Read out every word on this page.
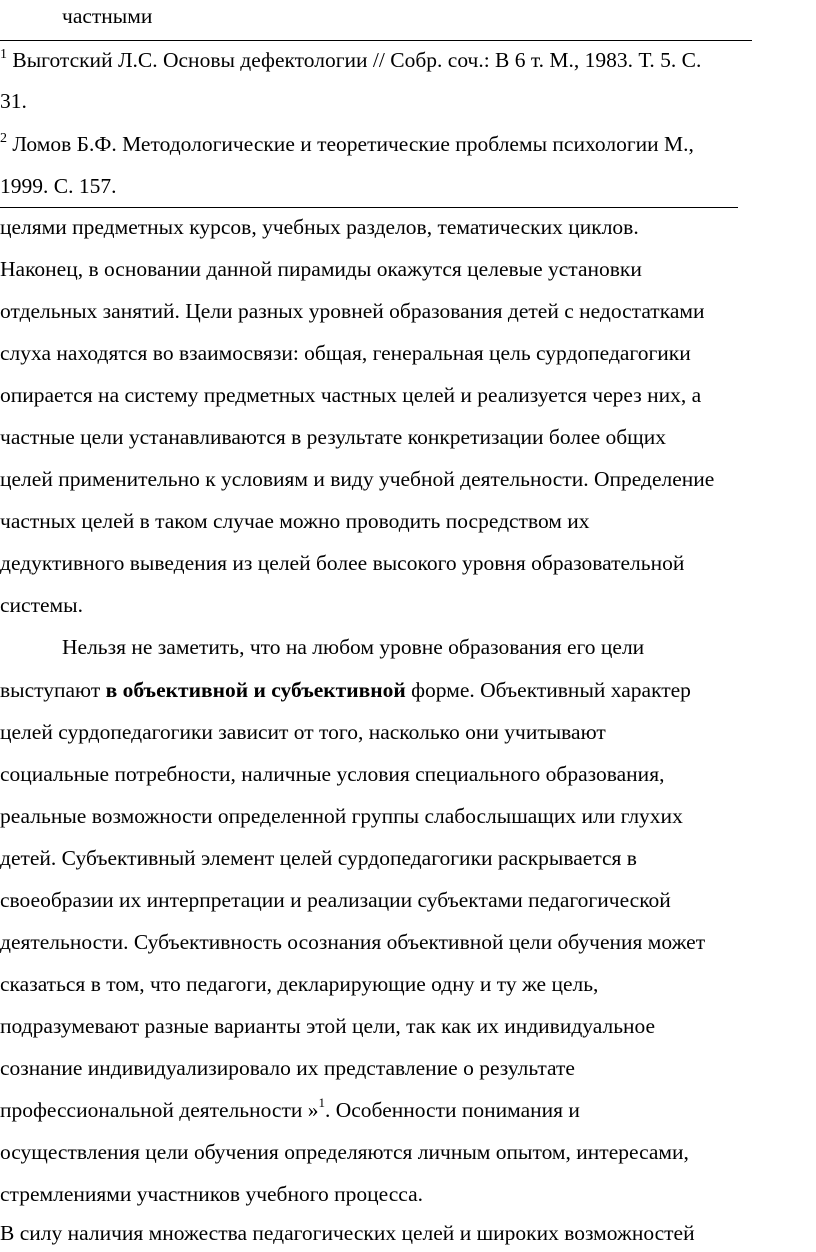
частными
$^1$ Выготский Л.С. Основы дефектологии // Собр. соч.: В 6 т. М., 1983. Т. 5. С.
31.
$^2$ Ломов Б.Ф. Методологические и теоретические проблемы психологии М.,
1999. С. 157.
целями предметных курсов, учебных разделов, тематических циклов.
Наконец, в основании данной пирамиды окажутся целевые установки
отдельных занятий. Цели разных уровней образования детей с недостатками
слуха находятся во взаимосвязи: общая, генеральная цель сурдопедагогики
опирается на систему предметных частных целей и реализуется через них, а
частные цели устанавливаются в результате конкретизации более общих
целей применительно к условиям и виду учебной деятельности. Определение
частных целей в таком случае можно проводить посредством их
дедуктивного выведения из целей более высокого уровня образовательной
системы.
Нельзя не заметить, что на любом уровне образования его цели
выступают в объективной и субъективной форме. Объективный характер
целей сурдопедагогики зависит от того, насколько они учитывают
социальные потребности, наличные условия специального образования,
реальные возможности определенной группы слабослышащих или глухих
детей. Субъективный элемент целей сурдопедагогики раскрывается в
своеобразии их интерпретации и реализации субъектами педагогической
деятельности. Субъективность осознания объективной цели обучения может
сказаться в том, что педагоги, декларирующие одну и ту же цель,
подразумевают разные варианты этой цели, так как их индивидуальное
сознание индивидуализировало их представление о результате
профессиональной деятельности »$^1$. Особенности понимания и
осуществления цели обучения определяются личным опытом, интересами,
стремлениями участников учебного процесса.
В силу наличия множества педагогических целей и широких возможностей
